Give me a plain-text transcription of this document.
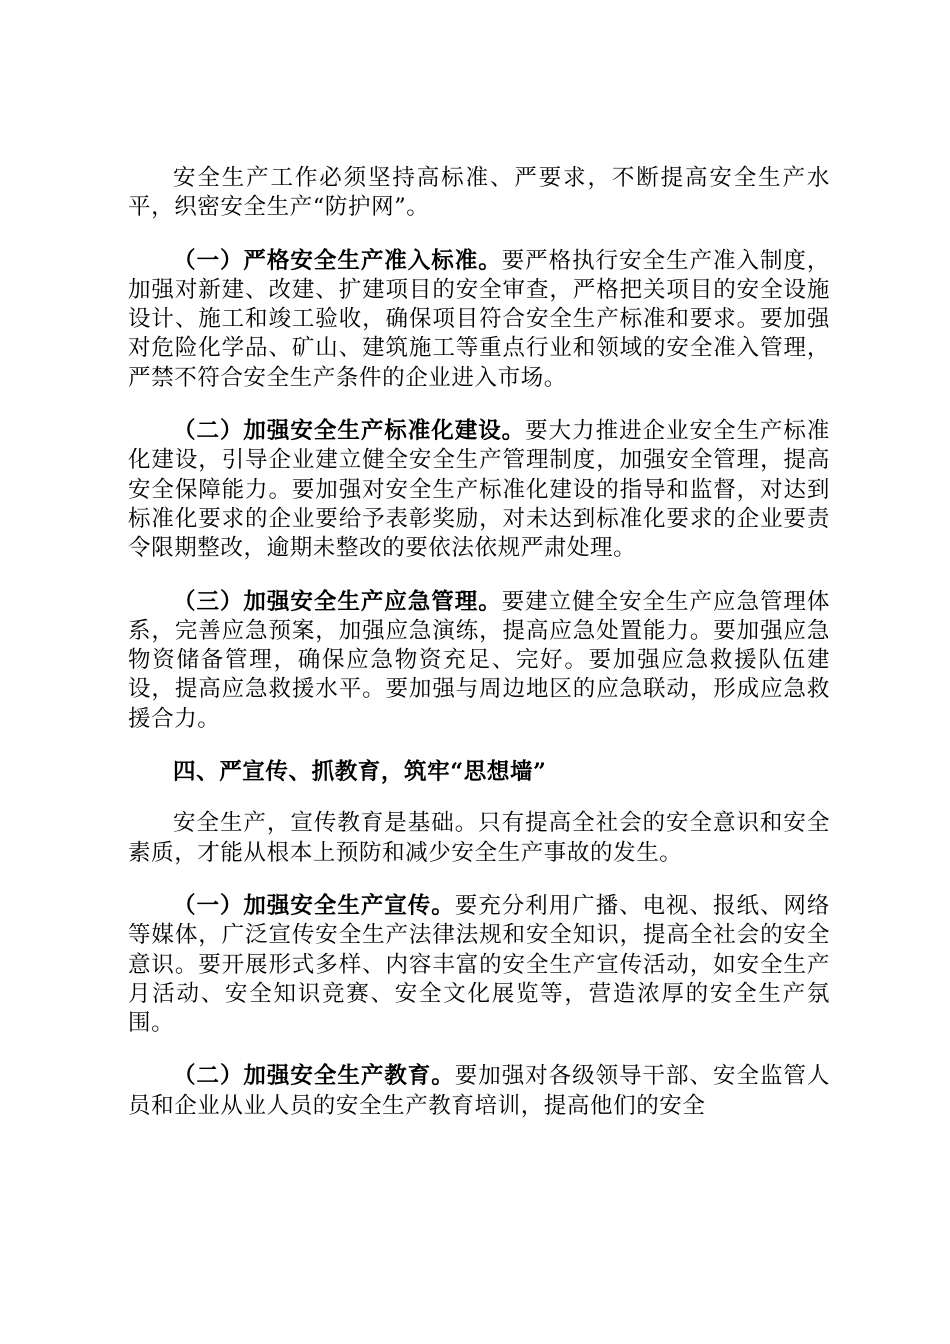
安全生产工作必须坚持高标准、严要求，不断提高安全生产水平，织密安全生产“防护网”。

（一）严格安全生产准入标准。要严格执行安全生产准入制度，加强对新建、改建、扩建项目的安全审查，严格把关项目的安全设施设计、施工和竣工验收，确保项目符合安全生产标准和要求。要加强对危险化学品、矿山、建筑施工等重点行业和领域的安全准入管理，严禁不符合安全生产条件的企业进入市场。

（二）加强安全生产标准化建设。要大力推进企业安全生产标准化建设，引导企业建立健全安全生产管理制度，加强安全管理，提高安全保障能力。要加强对安全生产标准化建设的指导和监督，对达到标准化要求的企业要给予表彰奖励，对未达到标准化要求的企业要责令限期整改，逾期未整改的要依法依规严肃处理。

（三）加强安全生产应急管理。要建立健全安全生产应急管理体系，完善应急预案，加强应急演练，提高应急处置能力。要加强应急物资储备管理，确保应急物资充足、完好。要加强应急救援队伍建设，提高应急救援水平。要加强与周边地区的应急联动，形成应急救援合力。

四、严宣传、抓教育，筑牢“思想墙”

安全生产，宣传教育是基础。只有提高全社会的安全意识和安全素质，才能从根本上预防和减少安全生产事故的发生。

（一）加强安全生产宣传。要充分利用广播、电视、报纸、网络等媒体，广泛宣传安全生产法律法规和安全知识，提高全社会的安全意识。要开展形式多样、内容丰富的安全生产宣传活动，如安全生产月活动、安全知识竞赛、安全文化展览等，营造浓厚的安全生产氛围。

（二）加强安全生产教育。要加强对各级领导干部、安全监管人员和企业从业人员的安全生产教育培训，提高他们的安全
